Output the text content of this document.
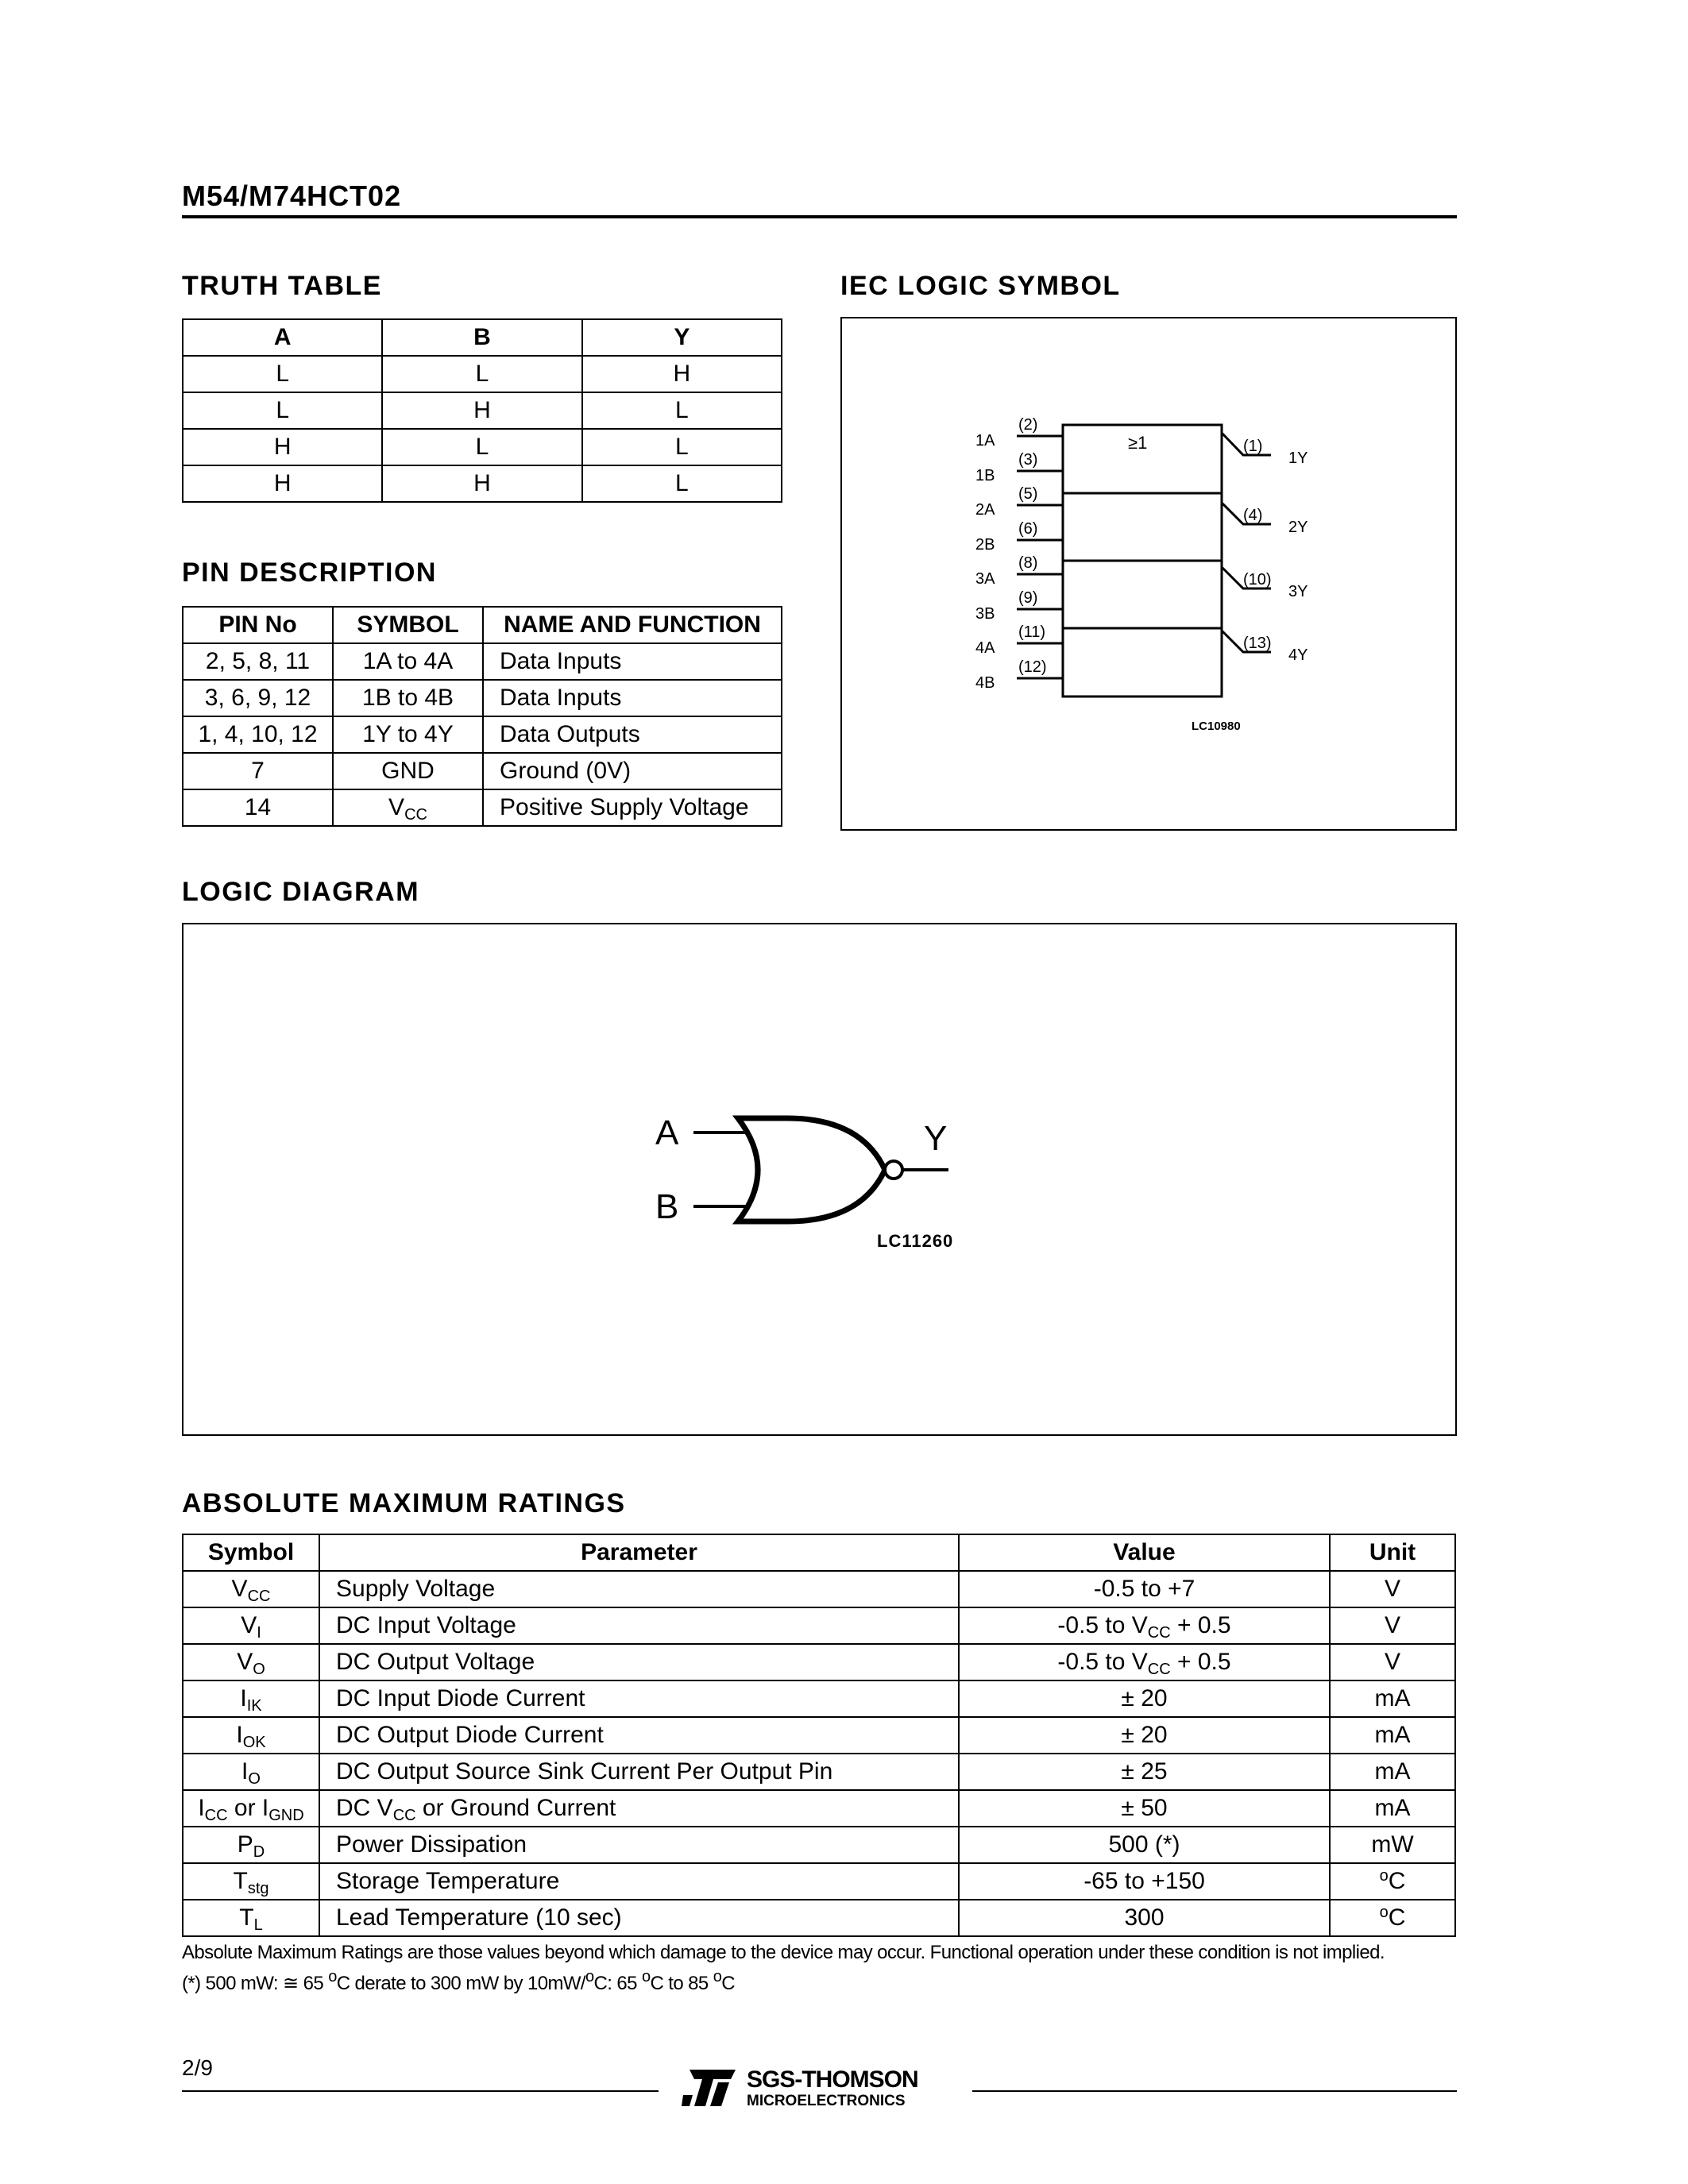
M54/M74HCT02
TRUTH TABLE
A	B	Y
L	L	H
L	H	L
H	L	L
H	H	L
PIN DESCRIPTION
PIN No	SYMBOL	NAME AND FUNCTION
2, 5, 8, 11	1A to 4A	Data Inputs
3, 6, 9, 12	1B to 4B	Data Inputs
1, 4, 10, 12	1Y to 4Y	Data Outputs
7	GND	Ground (0V)
14	$V_{CC}$	Positive Supply Voltage
IEC LOGIC SYMBOL
≥1
(2)
1A
(3)
1B
(5)
2A
(6)
2B
(8)
3A
(9)
3B
(11)
4A
(12)
4B
(1)
1Y
(4)
2Y
(10)
3Y
(13)
4Y
LC10980
LOGIC DIAGRAM
A
B
Y
LC11260
ABSOLUTE MAXIMUM RATINGS
Symbol	Parameter	Value	Unit
$V_{CC}$	Supply Voltage	-0.5 to +7	V
$V_I$	DC Input Voltage	-0.5 to $V_{CC} + 0.5$	V
$V_O$	DC Output Voltage	-0.5 to $V_{CC} + 0.5$	V
$I_{IK}$	DC Input Diode Current	± 20	mA
$I_{OK}$	DC Output Diode Current	± 20	mA
$I_O$	DC Output Source Sink Current Per Output Pin	± 25	mA
$I_{CC}$ or $I_{GND}$	DC $V_{CC}$ or Ground Current	± 50	mA
$P_D$	Power Dissipation	500 (*)	mW
$T_{stg}$	Storage Temperature	-65 to +150	$^o$C
$T_L$	Lead Temperature (10 sec)	300	$^o$C
Absolute Maximum Ratings are those values beyond which damage to the device may occur. Functional operation under these condition is not implied.
(*) 500 mW: ≅ 65 $^o$C derate to 300 mW by 10mW/$^o$C: 65 $^o$C to 85 $^o$C
2/9	SGS-THOMSON
MICROELECTRONICS
